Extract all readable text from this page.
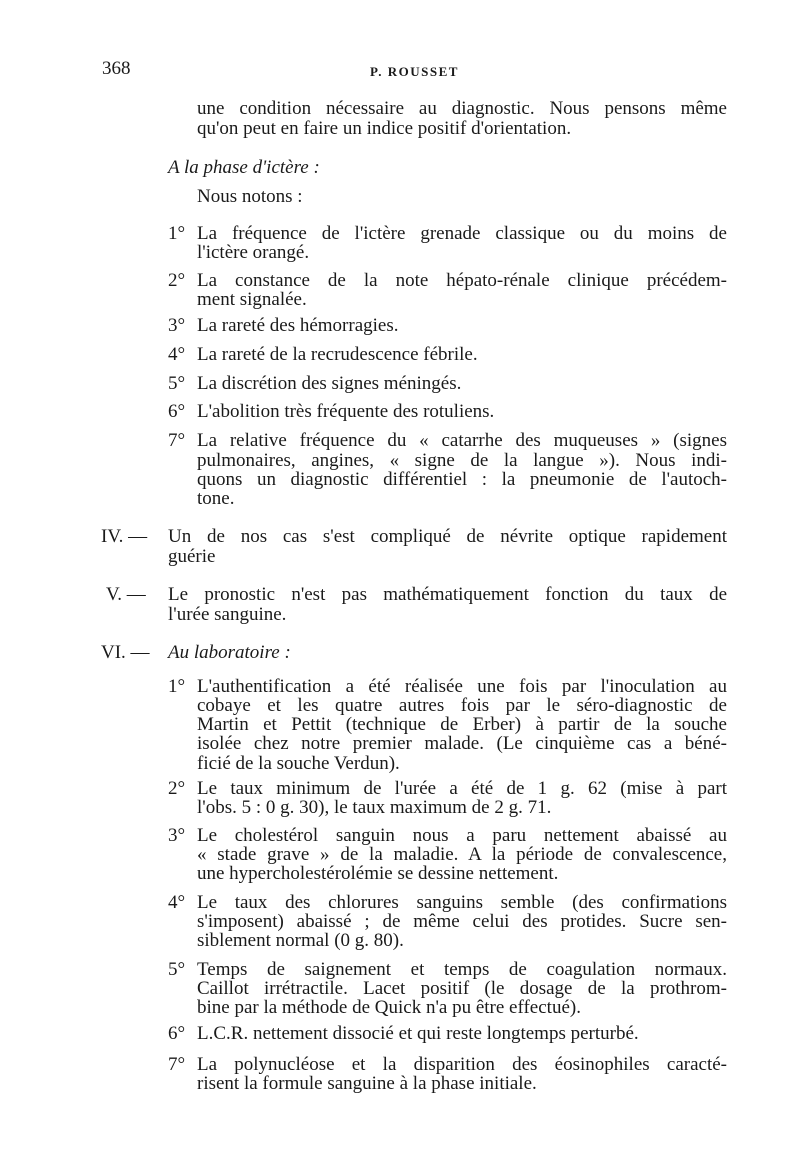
368	P. ROUSSET
une condition nécessaire au diagnostic. Nous pensons même
qu'on peut en faire un indice positif d'orientation.
A la phase d'ictère :
Nous notons :
1° La fréquence de l'ictère grenade classique ou du moins de
l'ictère orangé.
2° La constance de la note hépato-rénale clinique précédem-
ment signalée.
3° La rareté des hémorragies.
4° La rareté de la recrudescence fébrile.
5° La discrétion des signes méningés.
6° L'abolition très fréquente des rotuliens.
7° La relative fréquence du « catarrhe des muqueuses » (signes
pulmonaires, angines, « signe de la langue »). Nous indi-
quons un diagnostic différentiel : la pneumonie de l'autoch-
tone.
IV. — Un de nos cas s'est compliqué de névrite optique rapidement
guérie
V. — Le pronostic n'est pas mathématiquement fonction du taux de
l'urée sanguine.
VI. — Au laboratoire :
1° L'authentification a été réalisée une fois par l'inoculation au
cobaye et les quatre autres fois par le séro-diagnostic de
Martin et Pettit (technique de Erber) à partir de la souche
isolée chez notre premier malade. (Le cinquième cas a béné-
ficié de la souche Verdun).
2° Le taux minimum de l'urée a été de 1 g. 62 (mise à part
l'obs. 5 : 0 g. 30), le taux maximum de 2 g. 71.
3° Le cholestérol sanguin nous a paru nettement abaissé au
« stade grave » de la maladie. A la période de convalescence,
une hypercholestérolémie se dessine nettement.
4° Le taux des chlorures sanguins semble (des confirmations
s'imposent) abaissé ; de même celui des protides. Sucre sen-
siblement normal (0 g. 80).
5° Temps de saignement et temps de coagulation normaux.
Caillot irrétractile. Lacet positif (le dosage de la prothrom-
bine par la méthode de Quick n'a pu être effectué).
6° L.C.R. nettement dissocié et qui reste longtemps perturbé.
7° La polynucléose et la disparition des éosinophiles caracté-
risent la formule sanguine à la phase initiale.
